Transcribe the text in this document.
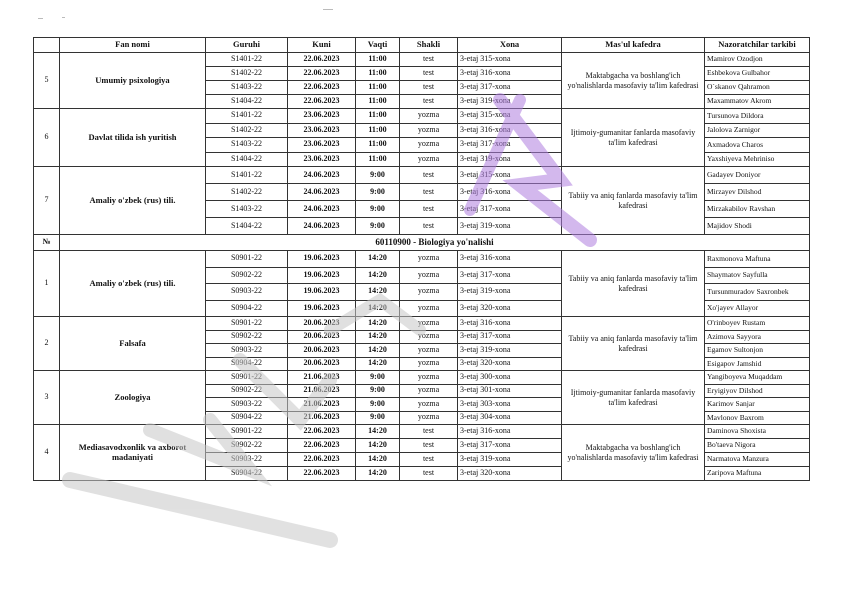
	Fan nomi	Guruhi	Kuni	Vaqti	Shakli	Xona	Mas'ul kafedra	Nazoratchilar tarkibi
5	Umumiy psixologiya	S1401-22	22.06.2023	11:00	test	3-etaj 315-xona	Maktabgacha va boshlang'ich yo'nalishlarda masofaviy ta'lim kafedrasi	Mamirov Ozodjon
		S1402-22	22.06.2023	11:00	test	3-etaj 316-xona		Eshbekova Gulbahor
		S1403-22	22.06.2023	11:00	test	3-etaj 317-xona		O`skanov Qahramon
		S1404-22	22.06.2023	11:00	test	3-etaj 319-xona		Maxammatov Akrom
6	Davlat tilida ish yuritish	S1401-22	23.06.2023	11:00	yozma	3-etaj 315-xona	Ijtimoiy-gumanitar fanlarda masofaviy ta'lim kafedrasi	Tursunova Dildora
		S1402-22	23.06.2023	11:00	yozma	3-etaj 316-xona		Jalolova Zarnigor
		S1403-22	23.06.2023	11:00	yozma	3-etaj 317-xona		Axmadova Charos
		S1404-22	23.06.2023	11:00	yozma	3-etaj 319-xona		Yaxshiyeva Mehriniso
7	Amaliy o'zbek (rus) tili.	S1401-22	24.06.2023	9:00	test	3-etaj 315-xona	Tabiiy va aniq fanlarda masofaviy ta'lim kafedrasi	Gadayev Doniyor
		S1402-22	24.06.2023	9:00	test	3-etaj 316-xona		Mirzayev Dilshod
		S1403-22	24.06.2023	9:00	test	3-etaj 317-xona		Mirzakabilov Ravshan
		S1404-22	24.06.2023	9:00	test	3-etaj 319-xona		Majidov Shodi
№	60110900 - Biologiya yo'nalishi							
1	Amaliy o'zbek (rus) tili.	S0901-22	19.06.2023	14:20	yozma	3-etaj 316-xona	Tabiiy va aniq fanlarda masofaviy ta'lim kafedrasi	Raxmonova Maftuna
		S0902-22	19.06.2023	14:20	yozma	3-etaj 317-xona		Shaymatov Sayfulla
		S0903-22	19.06.2023	14:20	yozma	3-etaj 319-xona		Tursunmuradov Saxronbek
		S0904-22	19.06.2023	14:20	yozma	3-etaj 320-xona		Xo'jayev Allayor
2	Falsafa	S0901-22	20.06.2023	14:20	yozma	3-etaj 316-xona	Tabiiy va aniq fanlarda masofaviy ta'lim kafedrasi	O'rinboyev Rustam
		S0902-22	20.06.2023	14:20	yozma	3-etaj 317-xona		Azimova Sayyora
		S0903-22	20.06.2023	14:20	yozma	3-etaj 319-xona		Egamov Sultonjon
		S0904-22	20.06.2023	14:20	yozma	3-etaj 320-xona		Esigapov Jamshid
3	Zoologiya	S0901-22	21.06.2023	9:00	yozma	3-etaj 300-xona	Ijtimoiy-gumanitar fanlarda masofaviy ta'lim kafedrasi	Yangiboyeva Muqaddam
		S0902-22	21.06.2023	9:00	yozma	3-etaj 301-xona		Eryigiyov Dilshod
		S0903-22	21.06.2023	9:00	yozma	3-etaj 303-xona		Karimov Sanjar
		S0904-22	21.06.2023	9:00	yozma	3-etaj 304-xona		Mavlonov Baxrom
4	Mediasavodxonlik va axborot madaniyati	S0901-22	22.06.2023	14:20	test	3-etaj 316-xona	Maktabgacha va boshlang'ich yo'nalishlarda masofaviy ta'lim kafedrasi	Daminova Shoxista
		S0902-22	22.06.2023	14:20	test	3-etaj 317-xona		Bo'taeva Nigora
		S0903-22	22.06.2023	14:20	test	3-etaj 319-xona		Narmatova Manzura
		S0904-22	22.06.2023	14:20	test	3-etaj 320-xona		Zaripova Maftuna
